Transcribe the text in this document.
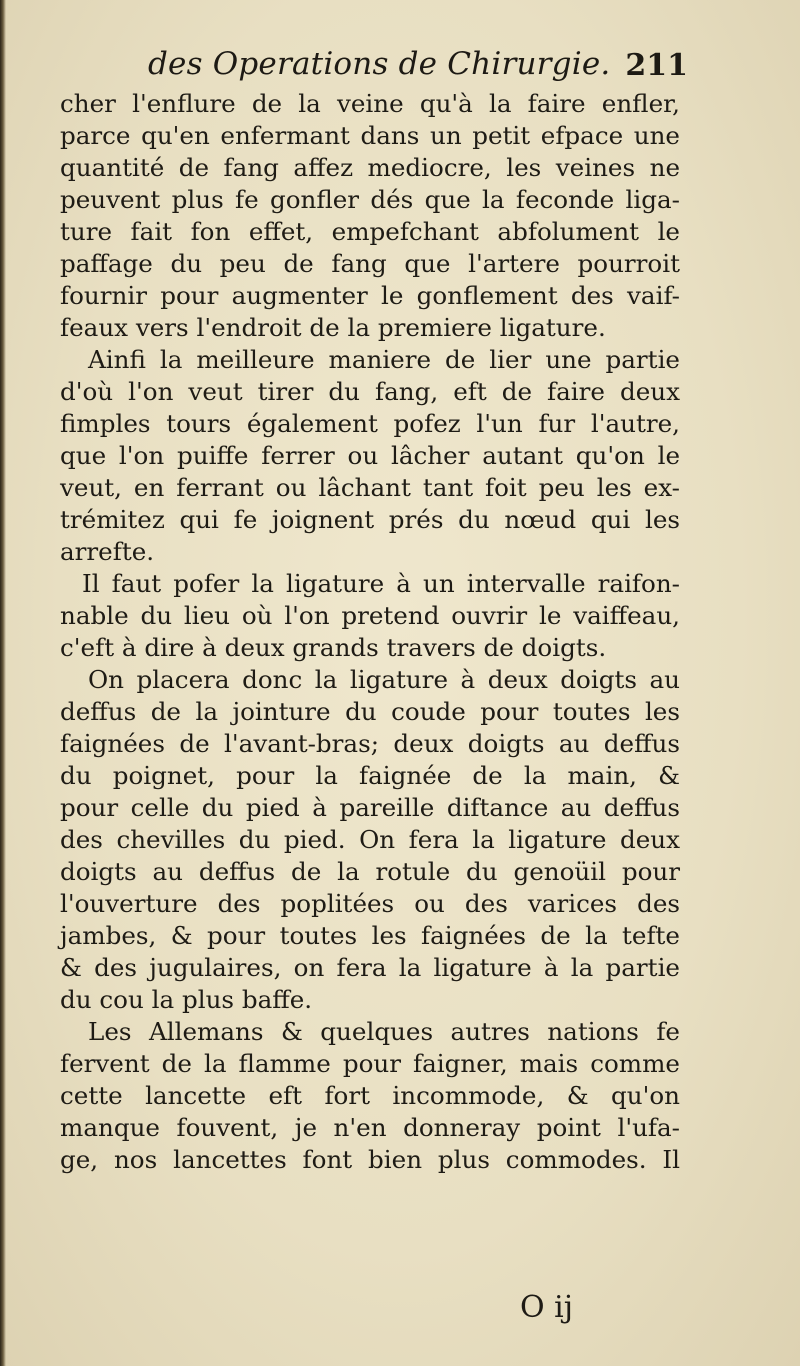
des Operations de Chirurgie. 211
cher l'enflure de la veine qu'à la faire enfler,
parce qu'en enfermant dans un petit efpace une
quantité de fang affez mediocre, les veines ne
peuvent plus fe gonfler dés que la feconde liga-
ture fait fon effet, empefchant abfolument le
paffage du peu de fang que l'artere pourroit
fournir pour augmenter le gonflement des vaif-
feaux vers l'endroit de la premiere ligature.
Ainfi la meilleure maniere de lier une partie
d'où l'on veut tirer du fang, eft de faire deux
fimples tours également pofez l'un fur l'autre,
que l'on puiffe ferrer ou lâcher autant qu'on le
veut, en ferrant ou lâchant tant foit peu les ex-
trémitez qui fe joignent prés du nœud qui les
arrefte.
Il faut pofer la ligature à un intervalle raifon-
nable du lieu où l'on pretend ouvrir le vaiffeau,
c'eft à dire à deux grands travers de doigts.
On placera donc la ligature à deux doigts au
deffus de la jointure du coude pour toutes les
faignées de l'avant-bras; deux doigts au deffus
du poignet, pour la faignée de la main, &
pour celle du pied à pareille diftance au deffus
des chevilles du pied. On fera la ligature deux
doigts au deffus de la rotule du genoüil pour
l'ouverture des poplitées ou des varices des
jambes, & pour toutes les faignées de la tefte
& des jugulaires, on fera la ligature à la partie
du cou la plus baffe.
Les Allemans & quelques autres nations fe
fervent de la flamme pour faigner, mais comme
cette lancette eft fort incommode, & qu'on
manque fouvent, je n'en donneray point l'ufa-
ge, nos lancettes font bien plus commodes. Il
O ij
